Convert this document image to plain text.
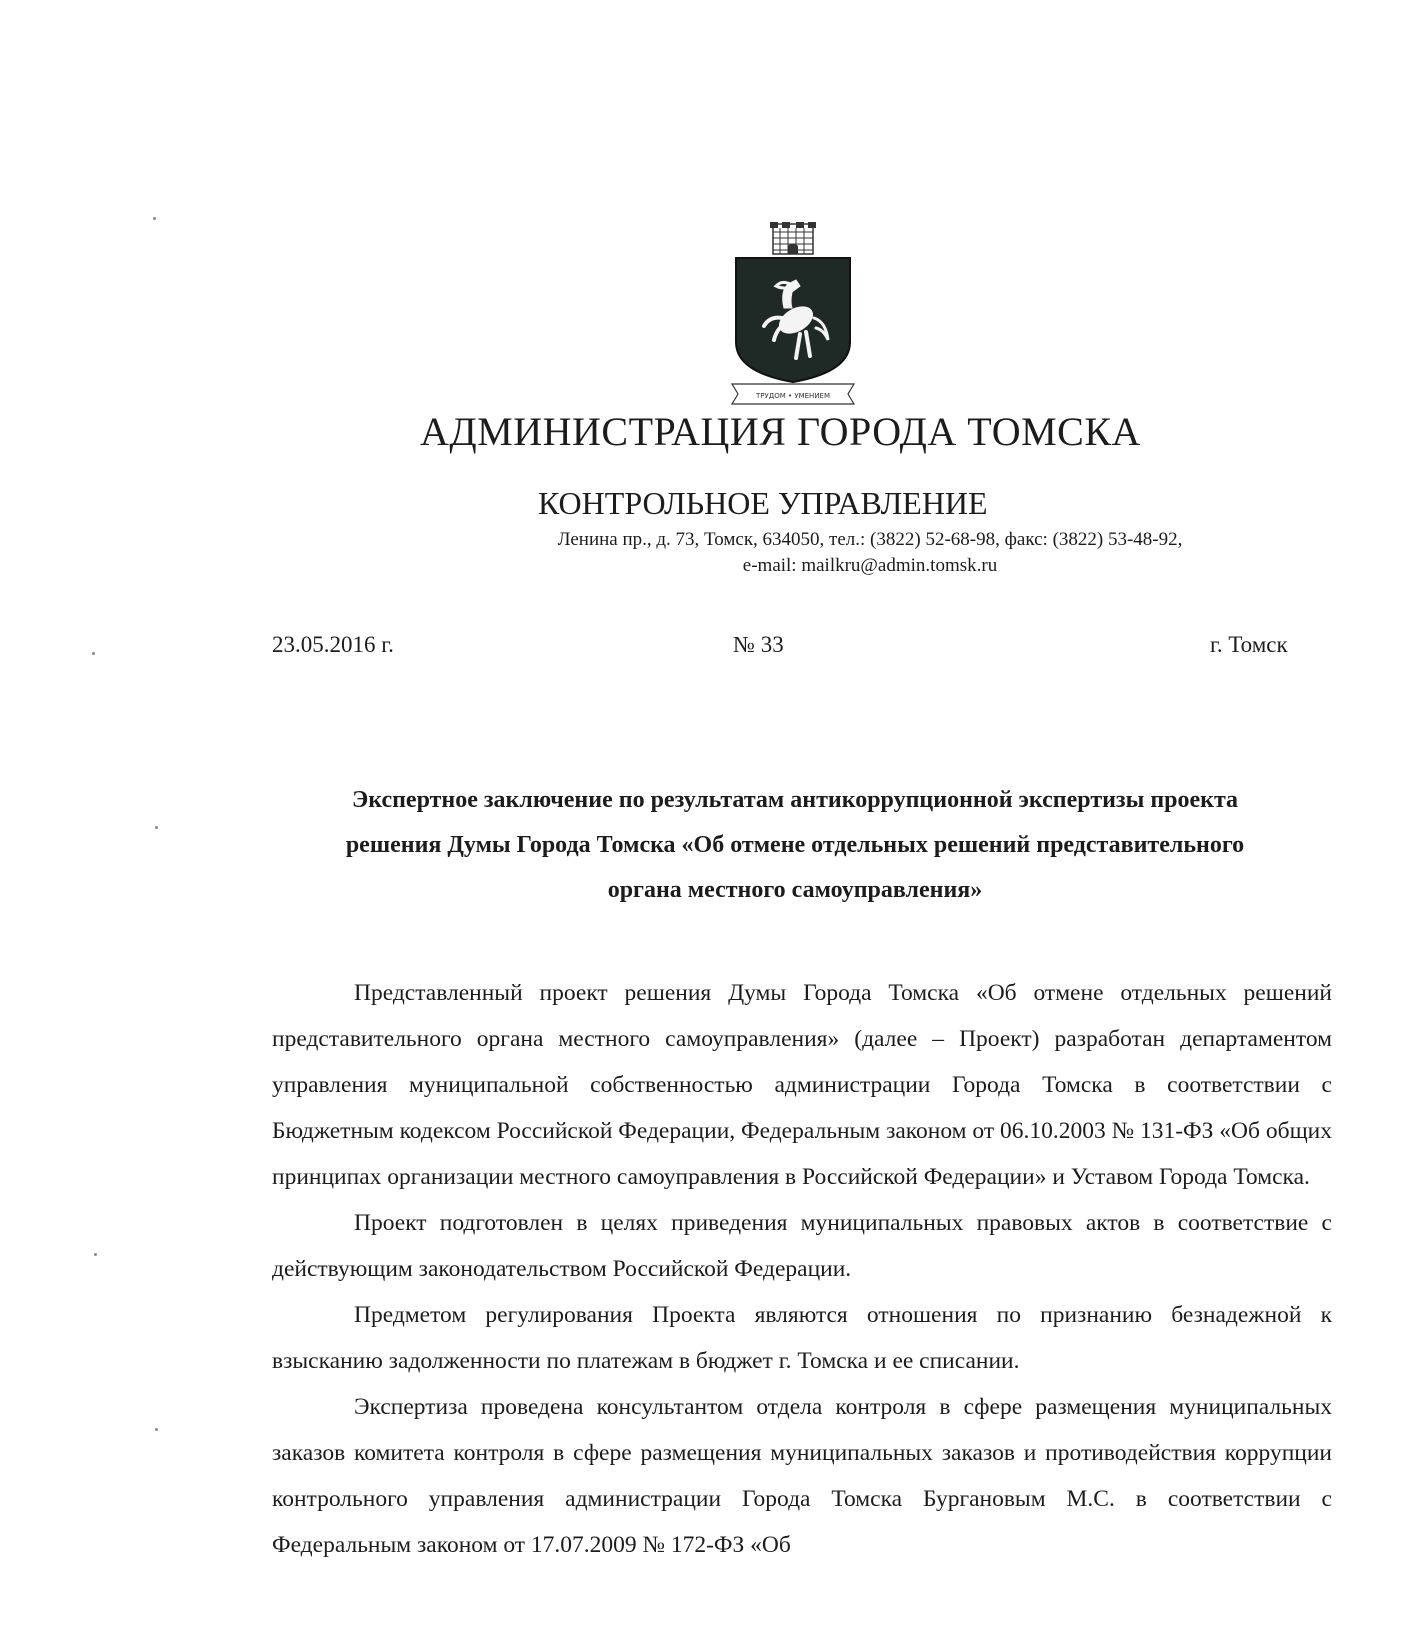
ТРУДОМ • УМЕНИЕМ
АДМИНИСТРАЦИЯ ГОРОДА ТОМСКА
КОНТРОЛЬНОЕ УПРАВЛЕНИЕ
Ленина пр., д. 73, Томск, 634050, тел.: (3822) 52-68-98, факс: (3822) 53-48-92,
e-mail: mailkru@admin.tomsk.ru
23.05.2016 г.	№ 33	г. Томск
Экспертное заключение по результатам антикоррупционной экспертизы проекта
решения Думы Города Томска «Об отмене отдельных решений представительного
органа местного самоуправления»

Представленный проект решения Думы Города Томска «Об отмене отдельных решений представительного органа местного самоуправления» (далее – Проект) разработан департаментом управления муниципальной собственностью администрации Города Томска в соответствии с Бюджетным кодексом Российской Федерации, Федеральным законом от 06.10.2003 № 131-ФЗ «Об общих принципах организации местного самоуправления в Российской Федерации» и Уставом Города Томска.

Проект подготовлен в целях приведения муниципальных правовых актов в соответствие с действующим законодательством Российской Федерации.

Предметом регулирования Проекта являются отношения по признанию безнадежной к взысканию задолженности по платежам в бюджет г. Томска и ее списании.

Экспертиза проведена консультантом отдела контроля в сфере размещения муниципальных заказов комитета контроля в сфере размещения муниципальных заказов и противодействия коррупции контрольного управления администрации Города Томска Бургановым М.С. в соответствии с Федеральным законом от 17.07.2009 № 172-ФЗ «Об
